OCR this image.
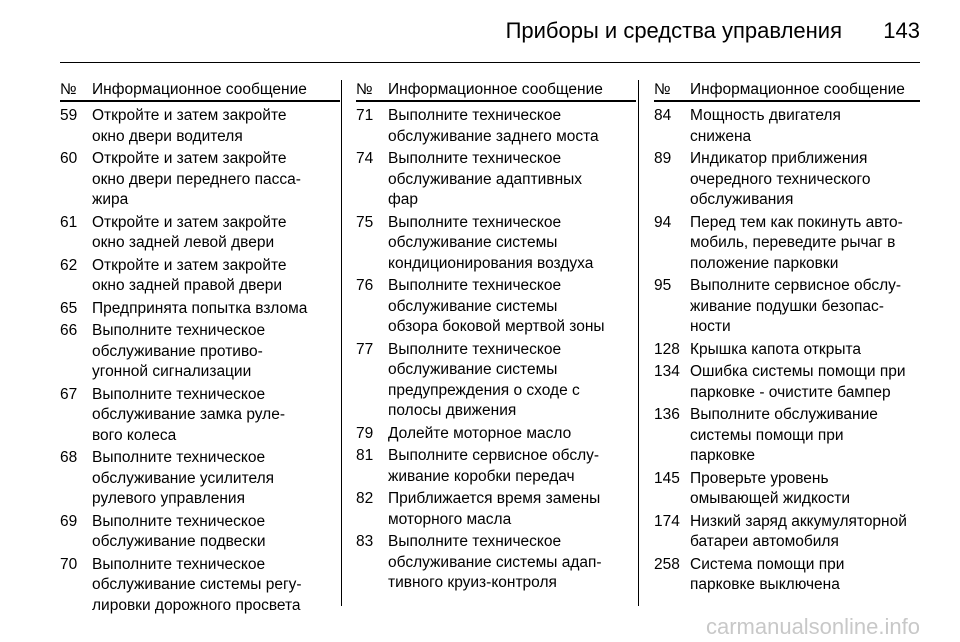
Приборы и средства управления 143
№ Информационное сообщение
59 Откройте и затем закройте
окно двери водителя
60 Откройте и затем закройте
окно двери переднего пасса-
жира
61 Откройте и затем закройте
окно задней левой двери
62 Откройте и затем закройте
окно задней правой двери
65 Предпринята попытка взлома
66 Выполните техническое
обслуживание противо-
угонной сигнализации
67 Выполните техническое
обслуживание замка руле-
вого колеса
68 Выполните техническое
обслуживание усилителя
рулевого управления
69 Выполните техническое
обслуживание подвески
70 Выполните техническое
обслуживание системы регу-
лировки дорожного просвета
№ Информационное сообщение
71 Выполните техническое
обслуживание заднего моста
74 Выполните техническое
обслуживание адаптивных
фар
75 Выполните техническое
обслуживание системы
кондиционирования воздуха
76 Выполните техническое
обслуживание системы
обзора боковой мертвой зоны
77 Выполните техническое
обслуживание системы
предупреждения о сходе с
полосы движения
79 Долейте моторное масло
81 Выполните сервисное обслу-
живание коробки передач
82 Приближается время замены
моторного масла
83 Выполните техническое
обслуживание системы адап-
тивного круиз-контроля
№	Информационное сообщение
84	Мощность двигателя
снижена
89	Индикатор приближения
очередного технического
обслуживания
94	Перед тем как покинуть авто-
мобиль, переведите рычаг в
положение парковки
95	Выполните сервисное обслу-
живание подушки безопас-
ности
128 Крышка капота открыта
134 Ошибка системы помощи при
парковке - очистите бампер
136 Выполните обслуживание
системы помощи при
парковке
145 Проверьте уровень
омывающей жидкости
174 Низкий заряд аккумуляторной
батареи автомобиля
258 Система помощи при
парковке выключена
carmanualsonline.info
